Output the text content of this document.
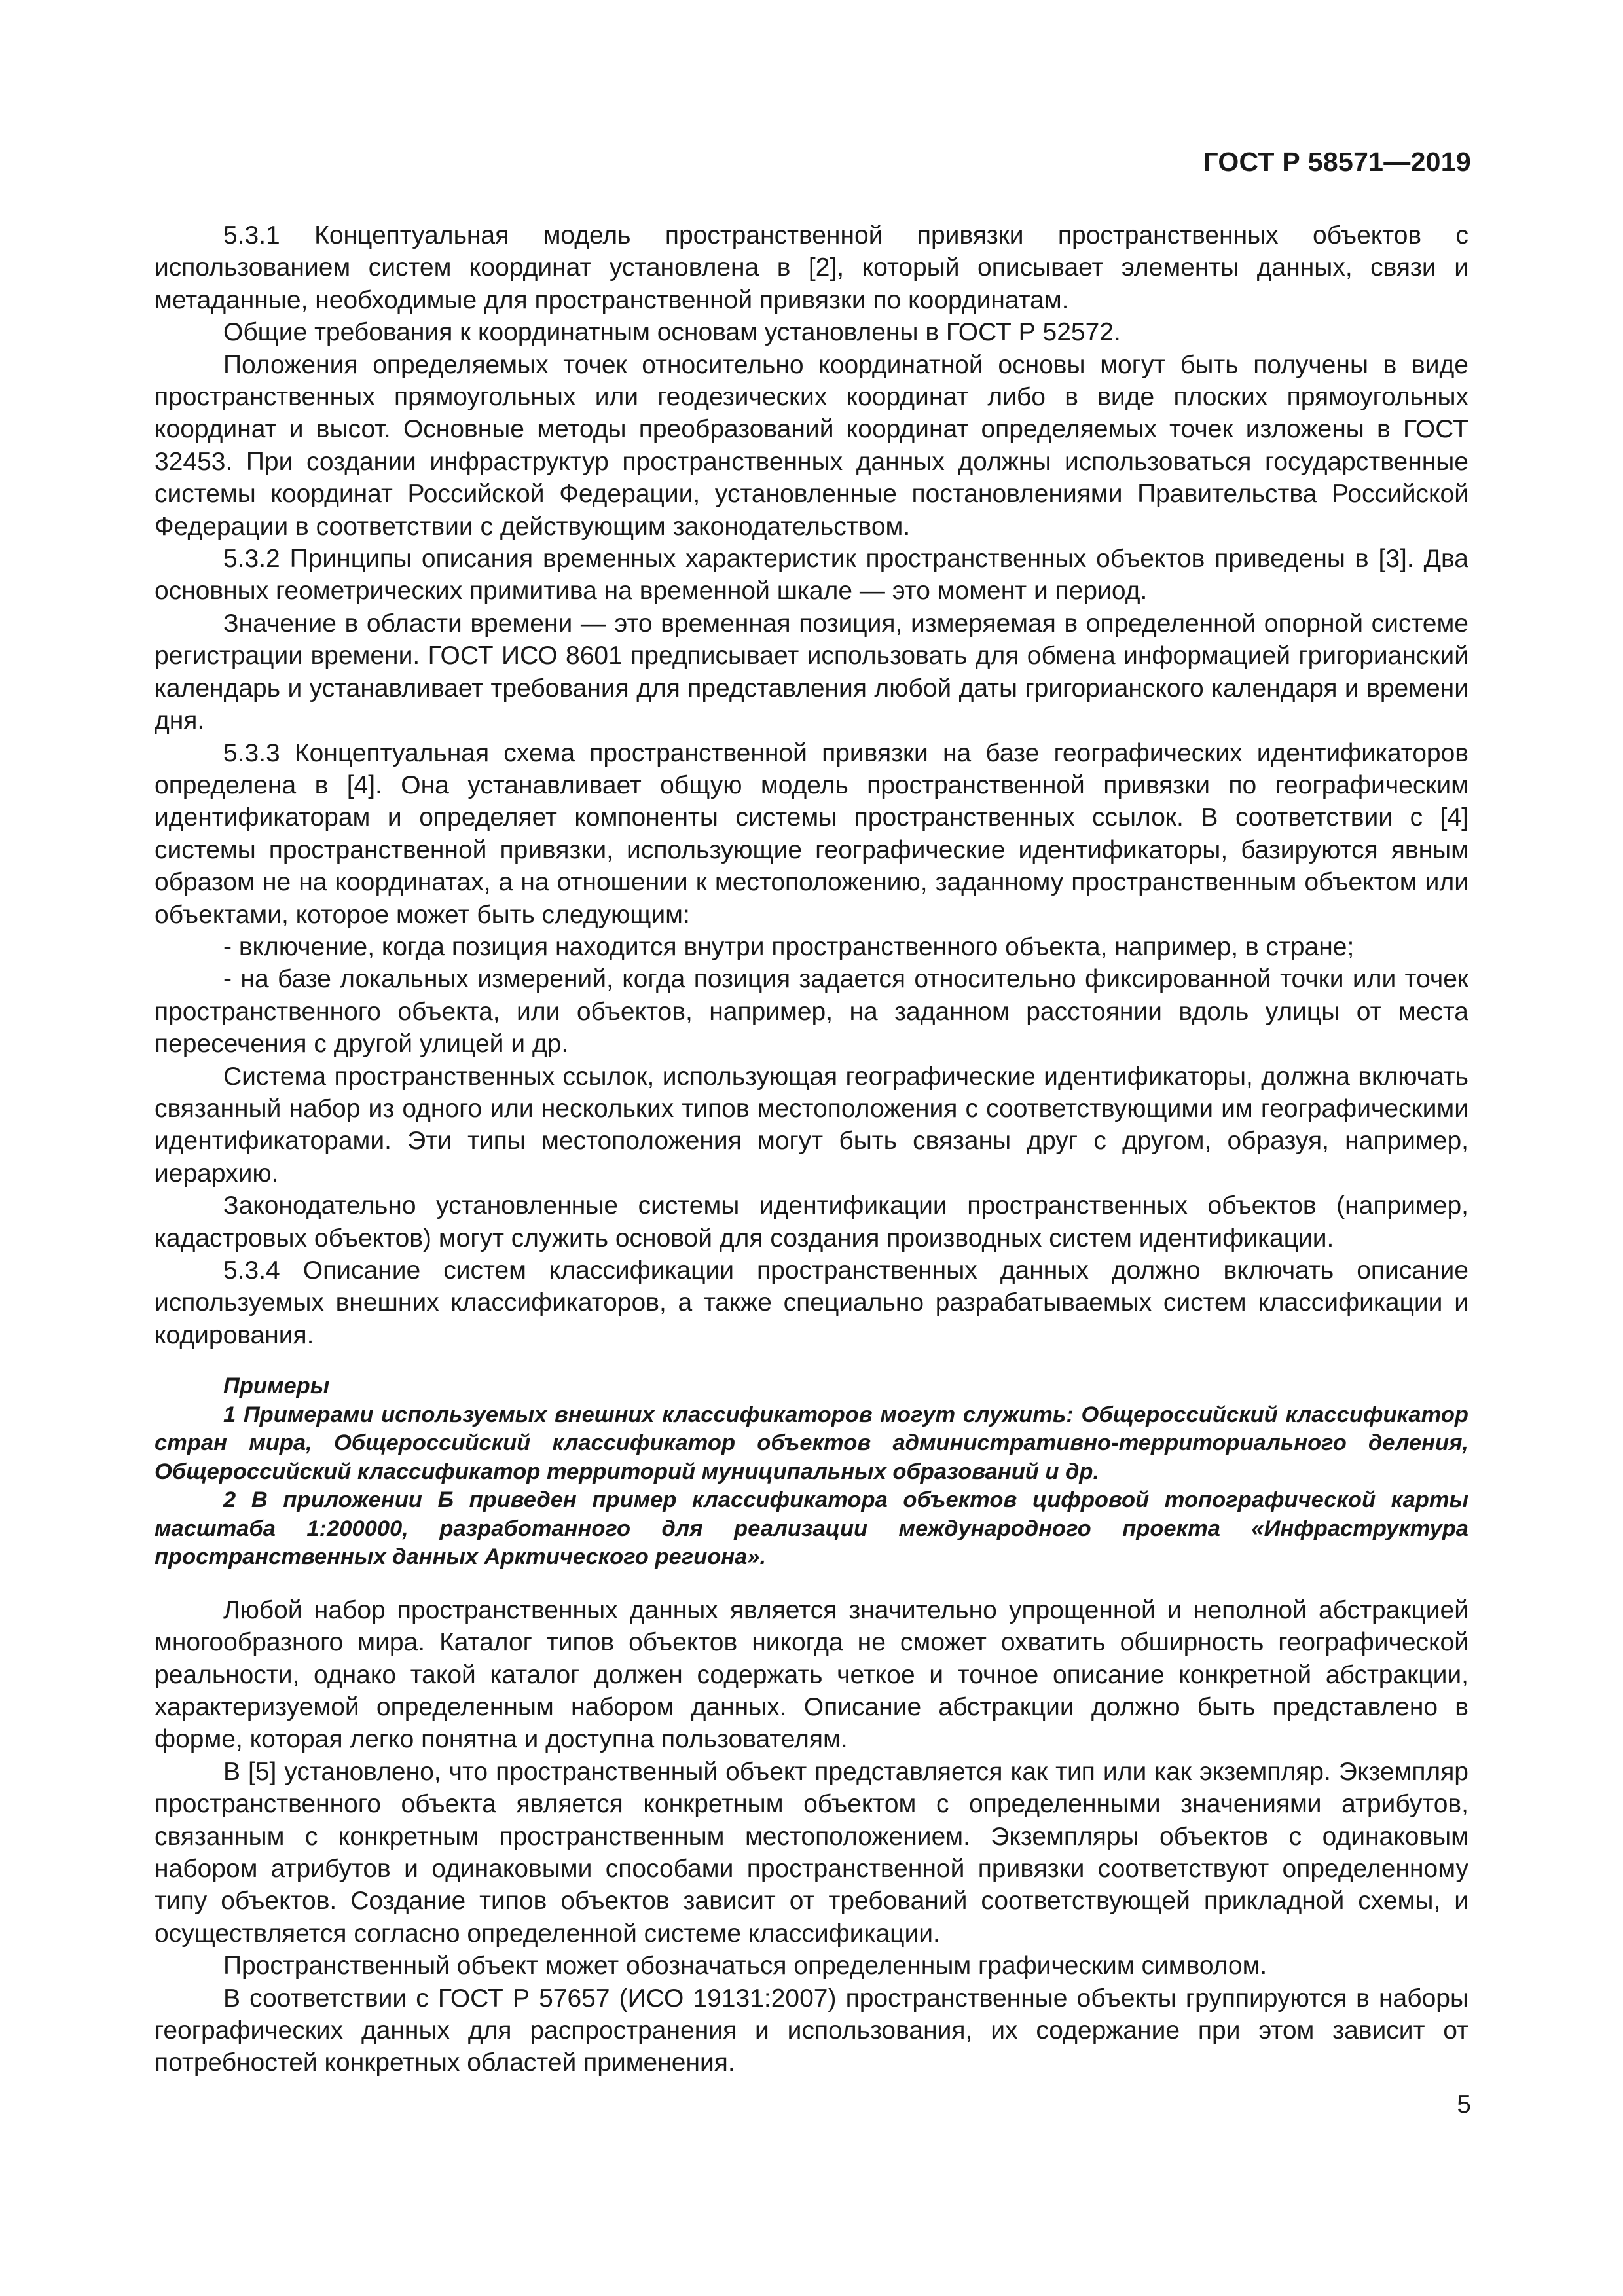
ГОСТ Р 58571—2019

5.3.1 Концептуальная модель пространственной привязки пространственных объектов с использованием систем координат установлена в [2], который описывает элементы данных, связи и метаданные, необходимые для пространственной привязки по координатам.

Общие требования к координатным основам установлены в ГОСТ Р 52572.

Положения определяемых точек относительно координатной основы могут быть получены в виде пространственных прямоугольных или геодезических координат либо в виде плоских прямоугольных координат и высот. Основные методы преобразований координат определяемых точек изложены в ГОСТ 32453. При создании инфраструктур пространственных данных должны использоваться государственные системы координат Российской Федерации, установленные постановлениями Правительства Российской Федерации в соответствии с действующим законодательством.

5.3.2 Принципы описания временных характеристик пространственных объектов приведены в [3]. Два основных геометрических примитива на временной шкале — это момент и период.

Значение в области времени — это временная позиция, измеряемая в определенной опорной системе регистрации времени. ГОСТ ИСО 8601 предписывает использовать для обмена информацией григорианский календарь и устанавливает требования для представления любой даты григорианского календаря и времени дня.

5.3.3 Концептуальная схема пространственной привязки на базе географических идентификаторов определена в [4]. Она устанавливает общую модель пространственной привязки по географическим идентификаторам и определяет компоненты системы пространственных ссылок. В соответствии с [4] системы пространственной привязки, использующие географические идентификаторы, базируются явным образом не на координатах, а на отношении к местоположению, заданному пространственным объектом или объектами, которое может быть следующим:

- включение, когда позиция находится внутри пространственного объекта, например, в стране;

- на базе локальных измерений, когда позиция задается относительно фиксированной точки или точек пространственного объекта, или объектов, например, на заданном расстоянии вдоль улицы от места пересечения с другой улицей и др.

Система пространственных ссылок, использующая географические идентификаторы, должна включать связанный набор из одного или нескольких типов местоположения с соответствующими им географическими идентификаторами. Эти типы местоположения могут быть связаны друг с другом, образуя, например, иерархию.

Законодательно установленные системы идентификации пространственных объектов (например, кадастровых объектов) могут служить основой для создания производных систем идентификации.

5.3.4 Описание систем классификации пространственных данных должно включать описание используемых внешних классификаторов, а также специально разрабатываемых систем классификации и кодирования.

Примеры

1 Примерами используемых внешних классификаторов могут служить: Общероссийский классификатор стран мира, Общероссийский классификатор объектов административно-территориального деления, Общероссийский классификатор территорий муниципальных образований и др.

2 В приложении Б приведен пример классификатора объектов цифровой топографической карты масштаба 1:200000, разработанного для реализации международного проекта «Инфраструктура пространственных данных Арктического региона».

Любой набор пространственных данных является значительно упрощенной и неполной абстракцией многообразного мира. Каталог типов объектов никогда не сможет охватить обширность географической реальности, однако такой каталог должен содержать четкое и точное описание конкретной абстракции, характеризуемой определенным набором данных. Описание абстракции должно быть представлено в форме, которая легко понятна и доступна пользователям.

В [5] установлено, что пространственный объект представляется как тип или как экземпляр. Экземпляр пространственного объекта является конкретным объектом с определенными значениями атрибутов, связанным с конкретным пространственным местоположением. Экземпляры объектов с одинаковым набором атрибутов и одинаковыми способами пространственной привязки соответствуют определенному типу объектов. Создание типов объектов зависит от требований соответствующей прикладной схемы, и осуществляется согласно определенной системе классификации.

Пространственный объект может обозначаться определенным графическим символом.

В соответствии с ГОСТ Р 57657 (ИСО 19131:2007) пространственные объекты группируются в наборы географических данных для распространения и использования, их содержание при этом зависит от потребностей конкретных областей применения.

5
